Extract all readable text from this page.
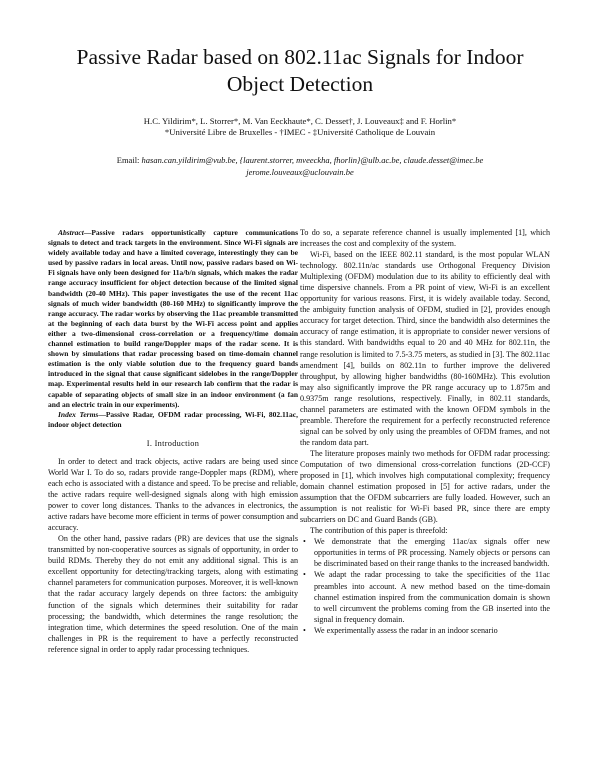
Passive Radar based on 802.11ac Signals for Indoor
Object Detection
H.C. Yildirim*, L. Storrer*, M. Van Eeckhaute*, C. Desset†, J. Louveaux‡ and F. Horlin*
*Université Libre de Bruxelles - †IMEC - ‡Université Catholique de Louvain
Email: hasan.can.yildirim@vub.be, {laurent.storrer, mveeckha, fhorlin}@ulb.ac.be, claude.desset@imec.be
jerome.louveaux@uclouvain.be

Abstract—Passive radars opportunistically capture communications signals to detect and track targets in the environment. Since Wi-Fi signals are widely available today and have a limited coverage, interestingly they can be used by passive radars in local areas. Until now, passive radars based on Wi-Fi signals have only been designed for 11a/b/n signals, which makes the radar range accuracy insufficient for object detection because of the limited signal bandwidth (20-40 MHz). This paper investigates the use of the recent 11ac signals of much wider bandwidth (80-160 MHz) to significantly improve the range accuracy. The radar works by observing the 11ac preamble transmitted at the beginning of each data burst by the Wi-Fi access point and applies either a two-dimensional cross-correlation or a frequency/time domain channel estimation to build range/Doppler maps of the radar scene. It is shown by simulations that radar processing based on time-domain channel estimation is the only viable solution due to the frequency guard bands introduced in the signal that cause significant sidelobes in the range/Doppler map. Experimental results held in our research lab confirm that the radar is capable of separating objects of small size in an indoor environment (a fan and an electric train in our experiments).

Index Terms—Passive Radar, OFDM radar processing, Wi-Fi, 802.11ac, indoor object detection

I. Introduction

In order to detect and track objects, active radars are being used since World War I. To do so, radars provide range-Doppler maps (RDM), where each echo is associated with a distance and speed. To be precise and reliable, the active radars require well-designed signals along with high emission power to cover long distances. Thanks to the advances in electronics, the active radars have become more efficient in terms of power consumption and accuracy.

On the other hand, passive radars (PR) are devices that use the signals transmitted by non-cooperative sources as signals of opportunity, in order to build RDMs. Thereby they do not emit any additional signal. This is an excellent opportunity for detecting/tracking targets, along with estimating channel parameters for communication purposes. Moreover, it is well-known that the radar accuracy largely depends on three factors: the ambiguity function of the signals which determines their suitability for radar processing; the bandwidth, which determines the range resolution; the integration time, which determines the speed resolution. One of the main challenges in PR is the requirement to have a perfectly reconstructed reference signal in order to apply radar processing techniques.

To do so, a separate reference channel is usually implemented [1], which increases the cost and complexity of the system.

Wi-Fi, based on the IEEE 802.11 standard, is the most popular WLAN technology. 802.11n/ac standards use Orthogonal Frequency Division Multiplexing (OFDM) modulation due to its ability to efficiently deal with time dispersive channels. From a PR point of view, Wi-Fi is an excellent opportunity for various reasons. First, it is widely available today. Second, the ambiguity function analysis of OFDM, studied in [2], provides enough accuracy for target detection. Third, since the bandwidth also determines the accuracy of range estimation, it is appropriate to consider newer versions of this standard. With bandwidths equal to 20 and 40 MHz for 802.11n, the range resolution is limited to 7.5-3.75 meters, as studied in [3]. The 802.11ac amendment [4], builds on 802.11n to further improve the delivered throughput, by allowing higher bandwidths (80-160MHz). This evolution may also significantly improve the PR range accuracy up to 1.875m and 0.9375m range resolutions, respectively. Finally, in 802.11 standards, channel parameters are estimated with the known OFDM symbols in the preamble. Therefore the requirement for a perfectly reconstructed reference signal can be solved by only using the preambles of OFDM frames, and not the random data part.

The literature proposes mainly two methods for OFDM radar processing: Computation of two dimensional cross-correlation functions (2D-CCF) proposed in [1], which involves high computational complexity; frequency domain channel estimation proposed in [5] for active radars, under the assumption that the OFDM subcarriers are fully loaded. However, such an assumption is not realistic for Wi-Fi based PR, since there are empty subcarriers on DC and Guard Bands (GB).

The contribution of this paper is threefold:

• We demonstrate that the emerging 11ac/ax signals offer new opportunities in terms of PR processing. Namely objects or persons can be discriminated based on their range thanks to the increased bandwidth.
• We adapt the radar processing to take the specificities of the 11ac preambles into account. A new method based on the time-domain channel estimation inspired from the communication domain is shown to well circumvent the problems coming from the GB inserted into the signal in frequency domain.
• We experimentally assess the radar in an indoor scenario
